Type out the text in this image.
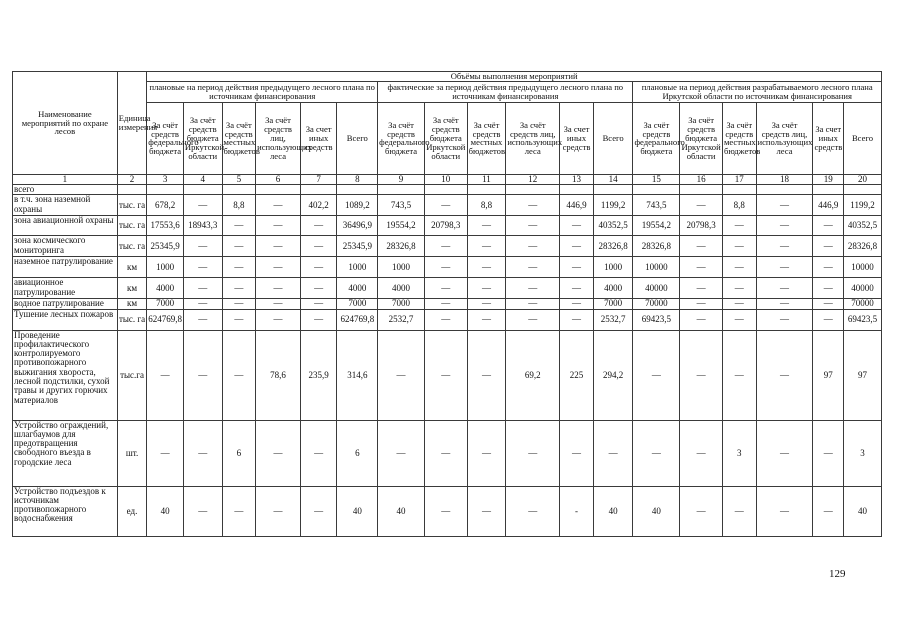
Наименование мероприятий по охране лесов	Единица измерения	Объёмы выполнения мероприятий																	
		плановые на период действия предыдущего лесного плана по источникам финансирования						фактические за период действия предыдущего лесного плана по источникам финансирования						плановые на период действия разрабатываемого лесного плана Иркутской области по источникам финансирования					
		За счёт средств федерального бюджета	За счёт средств бюджета Иркутской области	За счёт средств местных бюджетов	За счёт средств лиц, использующих леса	За счет иных средств	Всего	За счёт средств федерального бюджета	За счёт средств бюджета Иркутской области	За счёт средств местных бюджетов	За счёт средств лиц, использующих леса	За счет иных средств	Всего	За счёт средств федерального бюджета	За счёт средств бюджета Иркутской области	За счёт средств местных бюджетов	За счёт средств лиц, использующих леса	За счет иных средств	Всего
1	2	3	4	5	6	7	8	9	10	11	12	13	14	15	16	17	18	19	20
всего																			
в т.ч. зона наземной охраны	тыс. га	678,2	—	8,8	—	402,2	1089,2	743,5	—	8,8	—	446,9	1199,2	743,5	—	8,8	—	446,9	1199,2
зона авиационной охраны	тыс. га	17553,6	18943,3	—	—	—	36496,9	19554,2	20798,3	—	—	—	40352,5	19554,2	20798,3	—	—	—	40352,5
зона космического мониторинга	тыс. га	25345,9	—	—	—	—	25345,9	28326,8	—	—	—	—	28326,8	28326,8	—	—	—	—	28326,8
наземное патрулирование	км	1000	—	—	—	—	1000	1000	—	—	—	—	1000	10000	—	—	—	—	10000
авиационное патрулирование	км	4000	—	—	—	—	4000	4000	—	—	—	—	4000	40000	—	—	—	—	40000
водное патрулирование	км	7000	—	—	—	—	7000	7000	—	—	—	—	7000	70000	—	—	—	—	70000
Тушение лесных пожаров	тыс. га	624769,8	—	—	—	—	624769,8	2532,7	—	—	—	—	2532,7	69423,5	—	—	—	—	69423,5
Проведение профилактического контролируемого противопожарного выжигания хвороста, лесной подстилки, сухой травы и других горючих материалов	тыс.га	—	—	—	78,6	235,9	314,6	—	—	—	69,2	225	294,2	—	—	—	—	97	97
Устройство ограждений, шлагбаумов для предотвращения свободного въезда в городские леса	шт.	—	—	6	—	—	6	—	—	—	—	—	—	—	—	3	—	—	3
Устройство подъездов к источникам противопожарного водоснабжения	ед.	40	—	—	—	—	40	40	—	—	—	-	40	40	—	—	—	—	40
129
